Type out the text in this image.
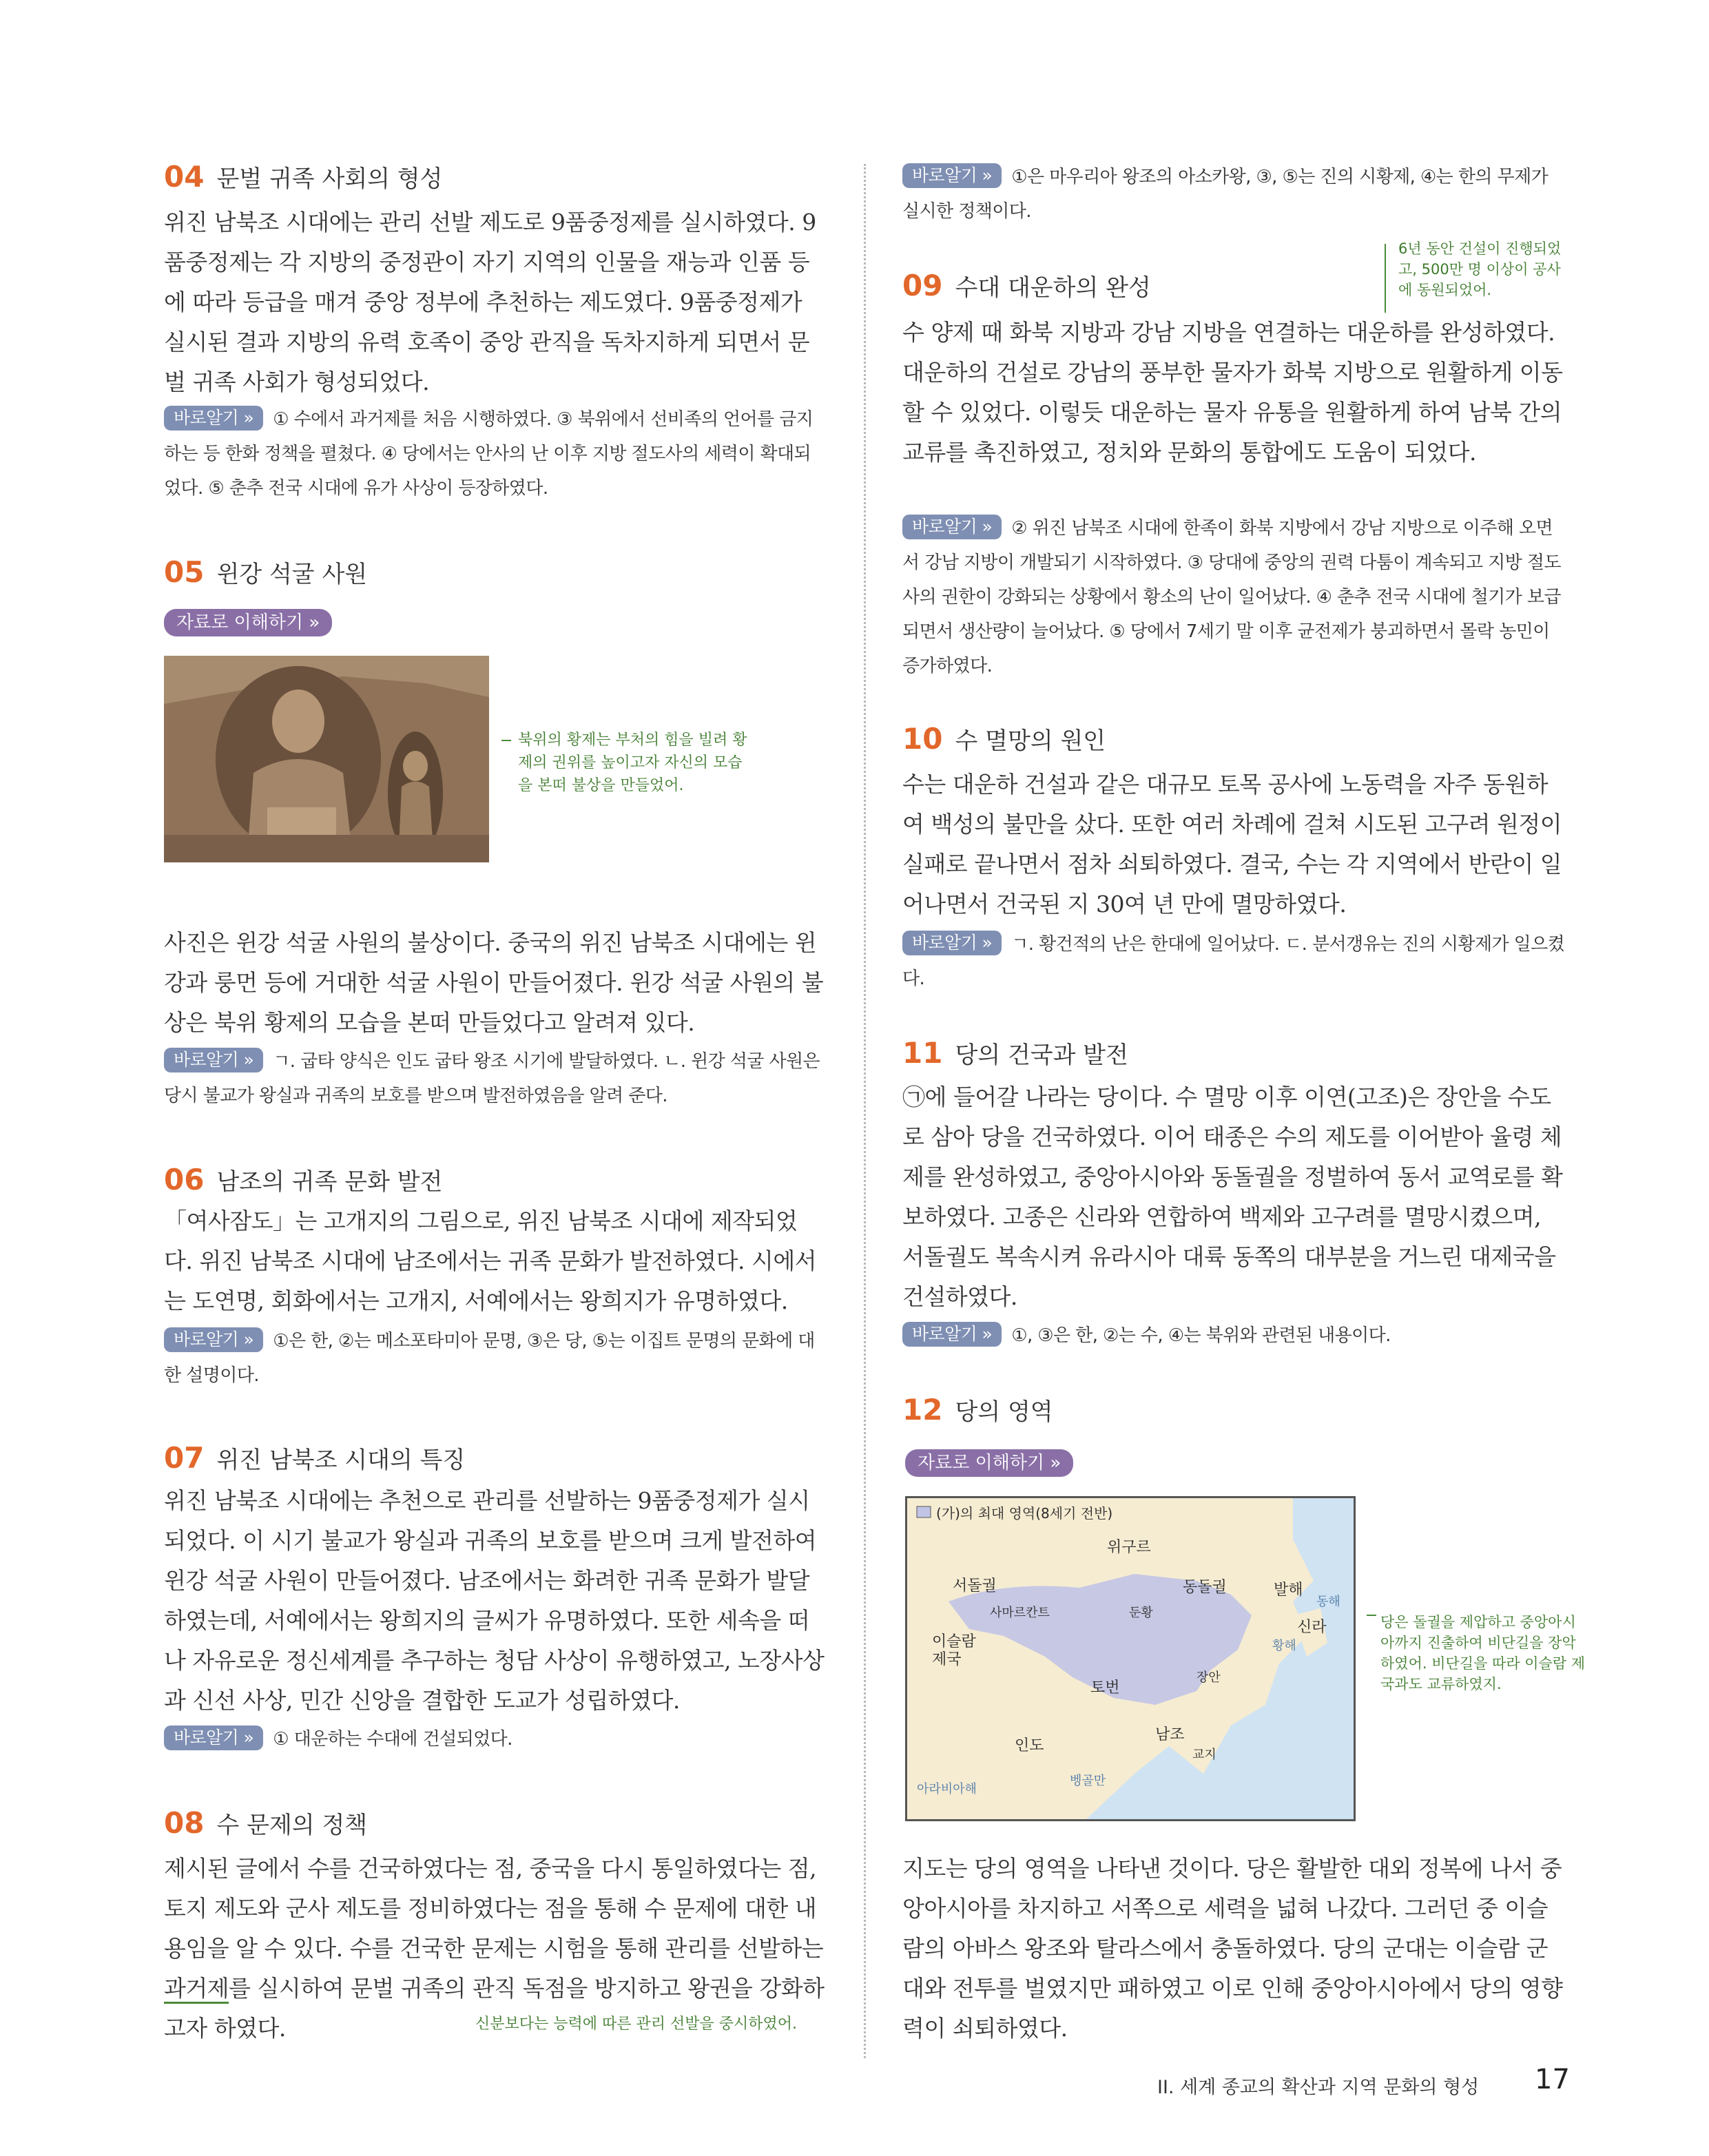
04 문벌 귀족 사회의 형성
위진 남북조 시대에는 관리 선발 제도로 9품중정제를 실시하였다. 9품중정제는 각 지방의 중정관이 자기 지역의 인물을 재능과 인품 등에 따라 등급을 매겨 중앙 정부에 추천하는 제도였다. 9품중정제가 실시된 결과 지방의 유력 호족이 중앙 관직을 독차지하게 되면서 문벌 귀족 사회가 형성되었다.
바로알기 » ① 수에서 과거제를 처음 시행하였다. ③ 북위에서 선비족의 언어를 금지하는 등 한화 정책을 펼쳤다. ④ 당에서는 안사의 난 이후 지방 절도사의 세력이 확대되었다. ⑤ 춘추 전국 시대에 유가 사상이 등장하였다.
05 윈강 석굴 사원
자료로 이해하기 »
북위의 황제는 부처의 힘을 빌려 황제의 권위를 높이고자 자신의 모습을 본떠 불상을 만들었어.
사진은 윈강 석굴 사원의 불상이다. 중국의 위진 남북조 시대에는 윈강과 룽먼 등에 거대한 석굴 사원이 만들어졌다. 윈강 석굴 사원의 불상은 북위 황제의 모습을 본떠 만들었다고 알려져 있다.
바로알기 » ㄱ. 굽타 양식은 인도 굽타 왕조 시기에 발달하였다. ㄴ. 윈강 석굴 사원은 당시 불교가 왕실과 귀족의 보호를 받으며 발전하였음을 알려 준다.
06 남조의 귀족 문화 발전
「여사잠도」는 고개지의 그림으로, 위진 남북조 시대에 제작되었다. 위진 남북조 시대에 남조에서는 귀족 문화가 발전하였다. 시에서는 도연명, 회화에서는 고개지, 서예에서는 왕희지가 유명하였다.
바로알기 » ①은 한, ②는 메소포타미아 문명, ③은 당, ⑤는 이집트 문명의 문화에 대한 설명이다.
07 위진 남북조 시대의 특징
위진 남북조 시대에는 추천으로 관리를 선발하는 9품중정제가 실시되었다. 이 시기 불교가 왕실과 귀족의 보호를 받으며 크게 발전하여 윈강 석굴 사원이 만들어졌다. 남조에서는 화려한 귀족 문화가 발달하였는데, 서예에서는 왕희지의 글씨가 유명하였다. 또한 세속을 떠나 자유로운 정신세계를 추구하는 청담 사상이 유행하였고, 노장사상과 신선 사상, 민간 신앙을 결합한 도교가 성립하였다.
바로알기 » ① 대운하는 수대에 건설되었다.
08 수 문제의 정책
제시된 글에서 수를 건국하였다는 점, 중국을 다시 통일하였다는 점, 토지 제도와 군사 제도를 정비하였다는 점을 통해 수 문제에 대한 내용임을 알 수 있다. 수를 건국한 문제는 시험을 통해 관리를 선발하는 과거제를 실시하여 문벌 귀족의 관직 독점을 방지하고 왕권을 강화하고자 하였다.	신분보다는 능력에 따른 관리 선발을 중시하였어.
바로알기 » ①은 마우리아 왕조의 아소카왕, ③, ⑤는 진의 시황제, ④는 한의 무제가 실시한 정책이다.
09 수대 대운하의 완성
6년 동안 건설이 진행되었고, 500만 명 이상이 공사에 동원되었어.
수 양제 때 화북 지방과 강남 지방을 연결하는 대운하를 완성하였다. 대운하의 건설로 강남의 풍부한 물자가 화북 지방으로 원활하게 이동할 수 있었다. 이렇듯 대운하는 물자 유통을 원활하게 하여 남북 간의 교류를 촉진하였고, 정치와 문화의 통합에도 도움이 되었다.
바로알기 » ② 위진 남북조 시대에 한족이 화북 지방에서 강남 지방으로 이주해 오면서 강남 지방이 개발되기 시작하였다. ③ 당대에 중앙의 권력 다툼이 계속되고 지방 절도사의 권한이 강화되는 상황에서 황소의 난이 일어났다. ④ 춘추 전국 시대에 철기가 보급되면서 생산량이 늘어났다. ⑤ 당에서 7세기 말 이후 균전제가 붕괴하면서 몰락 농민이 증가하였다.
10 수 멸망의 원인
수는 대운하 건설과 같은 대규모 토목 공사에 노동력을 자주 동원하여 백성의 불만을 샀다. 또한 여러 차례에 걸쳐 시도된 고구려 원정이 실패로 끝나면서 점차 쇠퇴하였다. 결국, 수는 각 지역에서 반란이 일어나면서 건국된 지 30여 년 만에 멸망하였다.
바로알기 » ㄱ. 황건적의 난은 한대에 일어났다. ㄷ. 분서갱유는 진의 시황제가 일으켰다.
11 당의 건국과 발전
㉠에 들어갈 나라는 당이다. 수 멸망 이후 이연(고조)은 장안을 수도로 삼아 당을 건국하였다. 이어 태종은 수의 제도를 이어받아 율령 체제를 완성하였고, 중앙아시아와 동돌궐을 정벌하여 동서 교역로를 확보하였다. 고종은 신라와 연합하여 백제와 고구려를 멸망시켰으며, 서돌궐도 복속시켜 유라시아 대륙 동쪽의 대부분을 거느린 대제국을 건설하였다.
바로알기 » ①, ③은 한, ②는 수, ④는 북위와 관련된 내용이다.
12 당의 영역
자료로 이해하기 »
(가)의 최대 영역(8세기 전반)
위구르
서돌궐	동돌궐	발해
사마르칸트	둔황
신라
이슬람 제국
토번
장안
남조
교지
인도
동해
황해
아라비아해
벵골만
당은 돌궐을 제압하고 중앙아시아까지 진출하여 비단길을 장악하였어. 비단길을 따라 이슬람 제국과도 교류하였지.
지도는 당의 영역을 나타낸 것이다. 당은 활발한 대외 정복에 나서 중앙아시아를 차지하고 서쪽으로 세력을 넓혀 나갔다. 그러던 중 이슬람의 아바스 왕조와 탈라스에서 충돌하였다. 당의 군대는 이슬람 군대와 전투를 벌였지만 패하였고 이로 인해 중앙아시아에서 당의 영향력이 쇠퇴하였다.
II. 세계 종교의 확산과 지역 문화의 형성 17
